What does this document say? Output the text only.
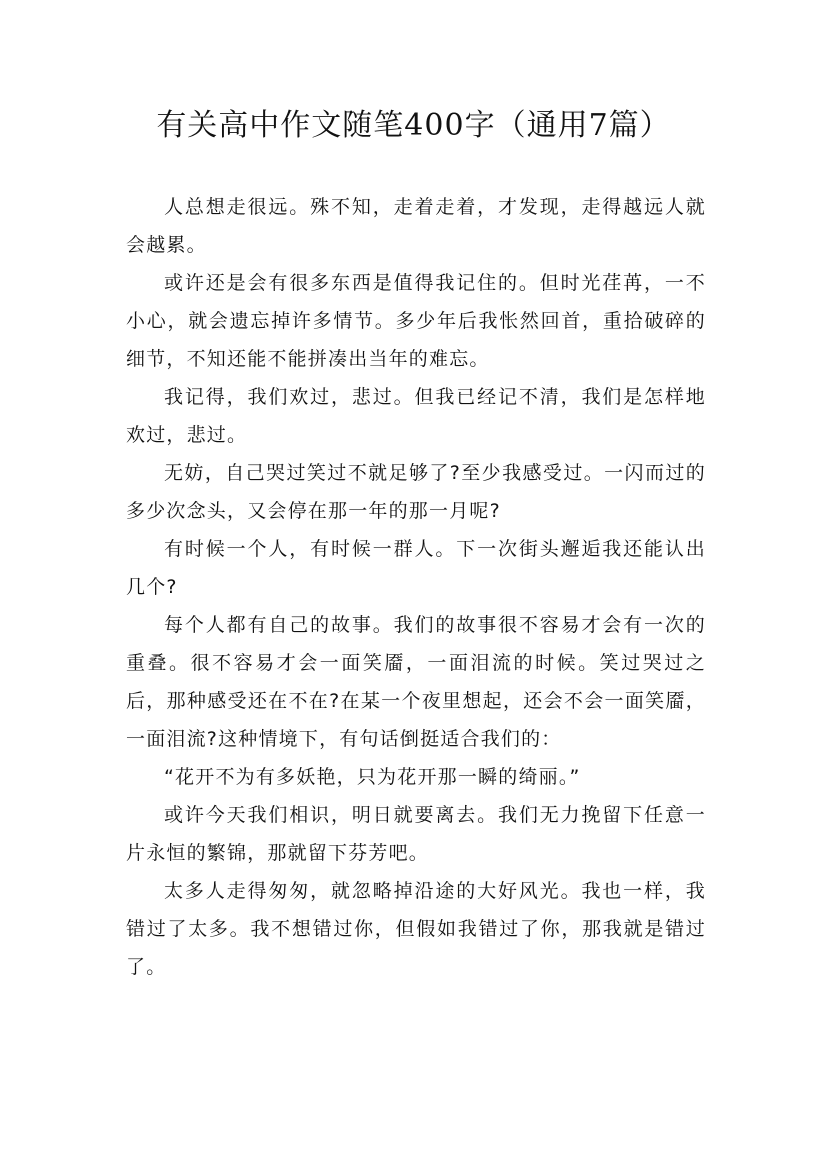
有关高中作文随笔400字（通用7篇）

人总想走很远。殊不知，走着走着，才发现，走得越远人就会越累。

或许还是会有很多东西是值得我记住的。但时光荏苒，一不小心，就会遗忘掉许多情节。多少年后我怅然回首，重拾破碎的细节，不知还能不能拼凑出当年的难忘。

我记得，我们欢过，悲过。但我已经记不清，我们是怎样地欢过，悲过。

无妨，自己哭过笑过不就足够了?至少我感受过。一闪而过的多少次念头，又会停在那一年的那一月呢?

有时候一个人，有时候一群人。下一次街头邂逅我还能认出几个?

每个人都有自己的故事。我们的故事很不容易才会有一次的重叠。很不容易才会一面笑靥，一面泪流的时候。笑过哭过之后，那种感受还在不在?在某一个夜里想起，还会不会一面笑靥，一面泪流?这种情境下，有句话倒挺适合我们的：

“花开不为有多妖艳，只为花开那一瞬的绮丽。”

或许今天我们相识，明日就要离去。我们无力挽留下任意一片永恒的繁锦，那就留下芬芳吧。

太多人走得匆匆，就忽略掉沿途的大好风光。我也一样，我错过了太多。我不想错过你，但假如我错过了你，那我就是错过了。
